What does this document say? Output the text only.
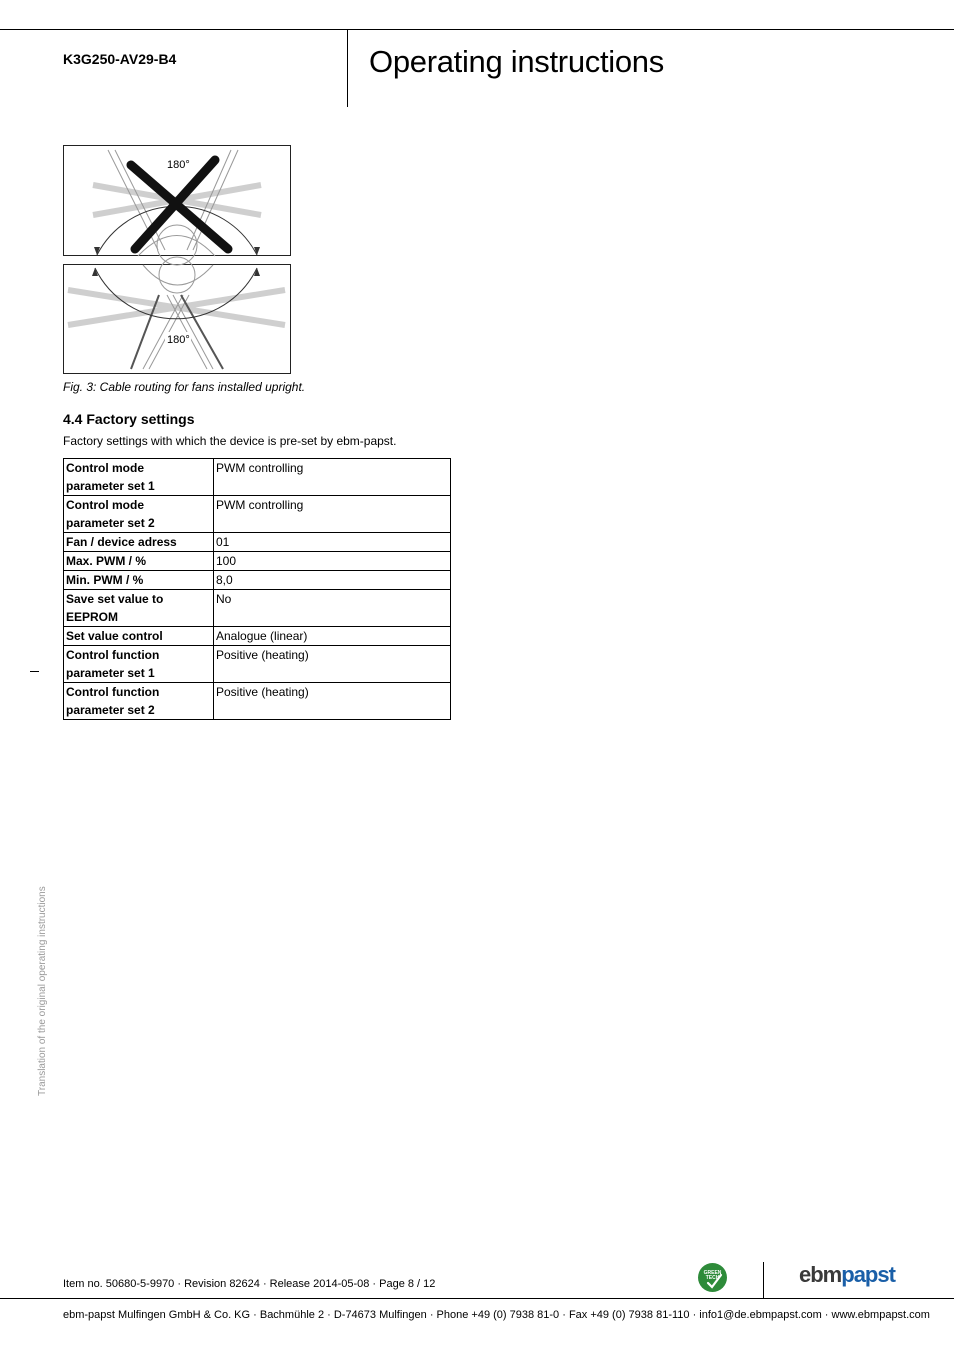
K3G250-AV29-B4	Operating instructions
180°
180°
Fig. 3: Cable routing for fans installed upright.
4.4 Factory settings
Factory settings with which the device is pre-set by ebm-papst.
Control mode
parameter set 1	PWM controlling
Control mode
parameter set 2	PWM controlling
Fan / device adress	01
Max. PWM / %	100
Min. PWM / %	8,0
Save set value to
EEPROM	No
Set value control	Analogue (linear)
Control function
parameter set 1	Positive (heating)
Control function
parameter set 2	Positive (heating)
Translation of the original operating instructions
Item no. 50680-5-9970 · Revision 82624 · Release 2014-05-08 · Page 8 / 12
GREEN
TECH	ebmpapst
ebm-papst Mulfingen GmbH & Co. KG · Bachmühle 2 · D-74673 Mulfingen · Phone +49 (0) 7938 81-0 · Fax +49 (0) 7938 81-110 · info1@de.ebmpapst.com · www.ebmpapst.com
